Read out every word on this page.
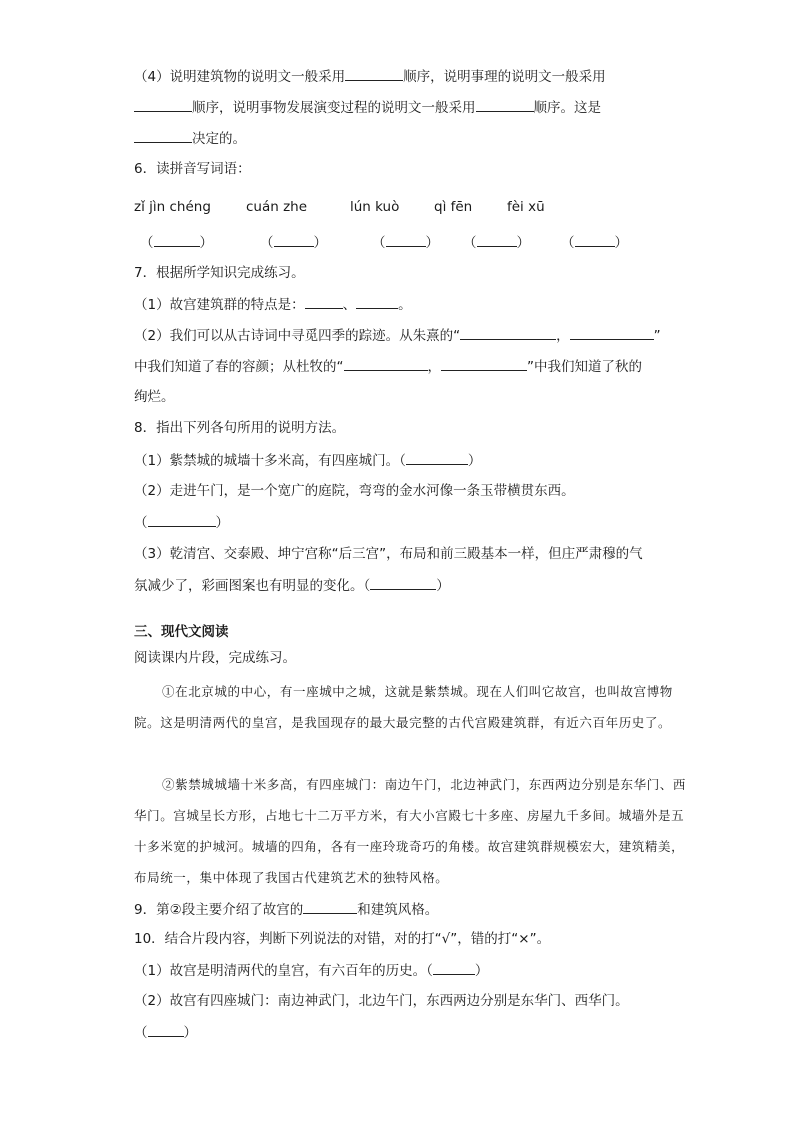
（4）说明建筑物的说明文一般采用	顺序，说明事理的说明文一般采用
顺序，说明事物发展演变过程的说明文一般采用	顺序。这是
决定的。
6．读拼音写词语：
zǐ jìn chéng	cuán zhe	lún kuò	qì fēn	fèi xū
（	）	（	）	（	） （	） （	）
7．根据所学知识完成练习。
（1）故宫建筑群的特点是：	、	。
（2）我们可以从古诗词中寻觅四季的踪迹。从朱熹的“	，	”
中我们知道了春的容颜；从杜牧的“	，	”中我们知道了秋的
绚烂。
8．指出下列各句所用的说明方法。
（1）紫禁城的城墙十多米高，有四座城门。（	）
（2）走进午门，是一个宽广的庭院，弯弯的金水河像一条玉带横贯东西。
（	）
（3）乾清宫、交泰殿、坤宁宫称“后三宫”，布局和前三殿基本一样，但庄严肃穆的气
氛减少了，彩画图案也有明显的变化。（	）
三、现代文阅读
阅读课内片段，完成练习。
①在北京城的中心，有一座城中之城，这就是紫禁城。现在人们叫它故宫，也叫故宫博物院。这是明清两代的皇宫，是我国现存的最大最完整的古代宫殿建筑群，有近六百年历史了。
②紫禁城城墙十米多高，有四座城门：南边午门，北边神武门，东西两边分别是东华门、西华门。宫城呈长方形，占地七十二万平方米，有大小宫殿七十多座、房屋九千多间。城墙外是五十多米宽的护城河。城墙的四角，各有一座玲珑奇巧的角楼。故宫建筑群规模宏大，建筑精美，布局统一，集中体现了我国古代建筑艺术的独特风格。
9．第②段主要介绍了故宫的	和建筑风格。
10．结合片段内容，判断下列说法的对错，对的打“√”，错的打“×”。
（1）故宫是明清两代的皇宫，有六百年的历史。（	）
（2）故宫有四座城门：南边神武门，北边午门，东西两边分别是东华门、西华门。
（	）
